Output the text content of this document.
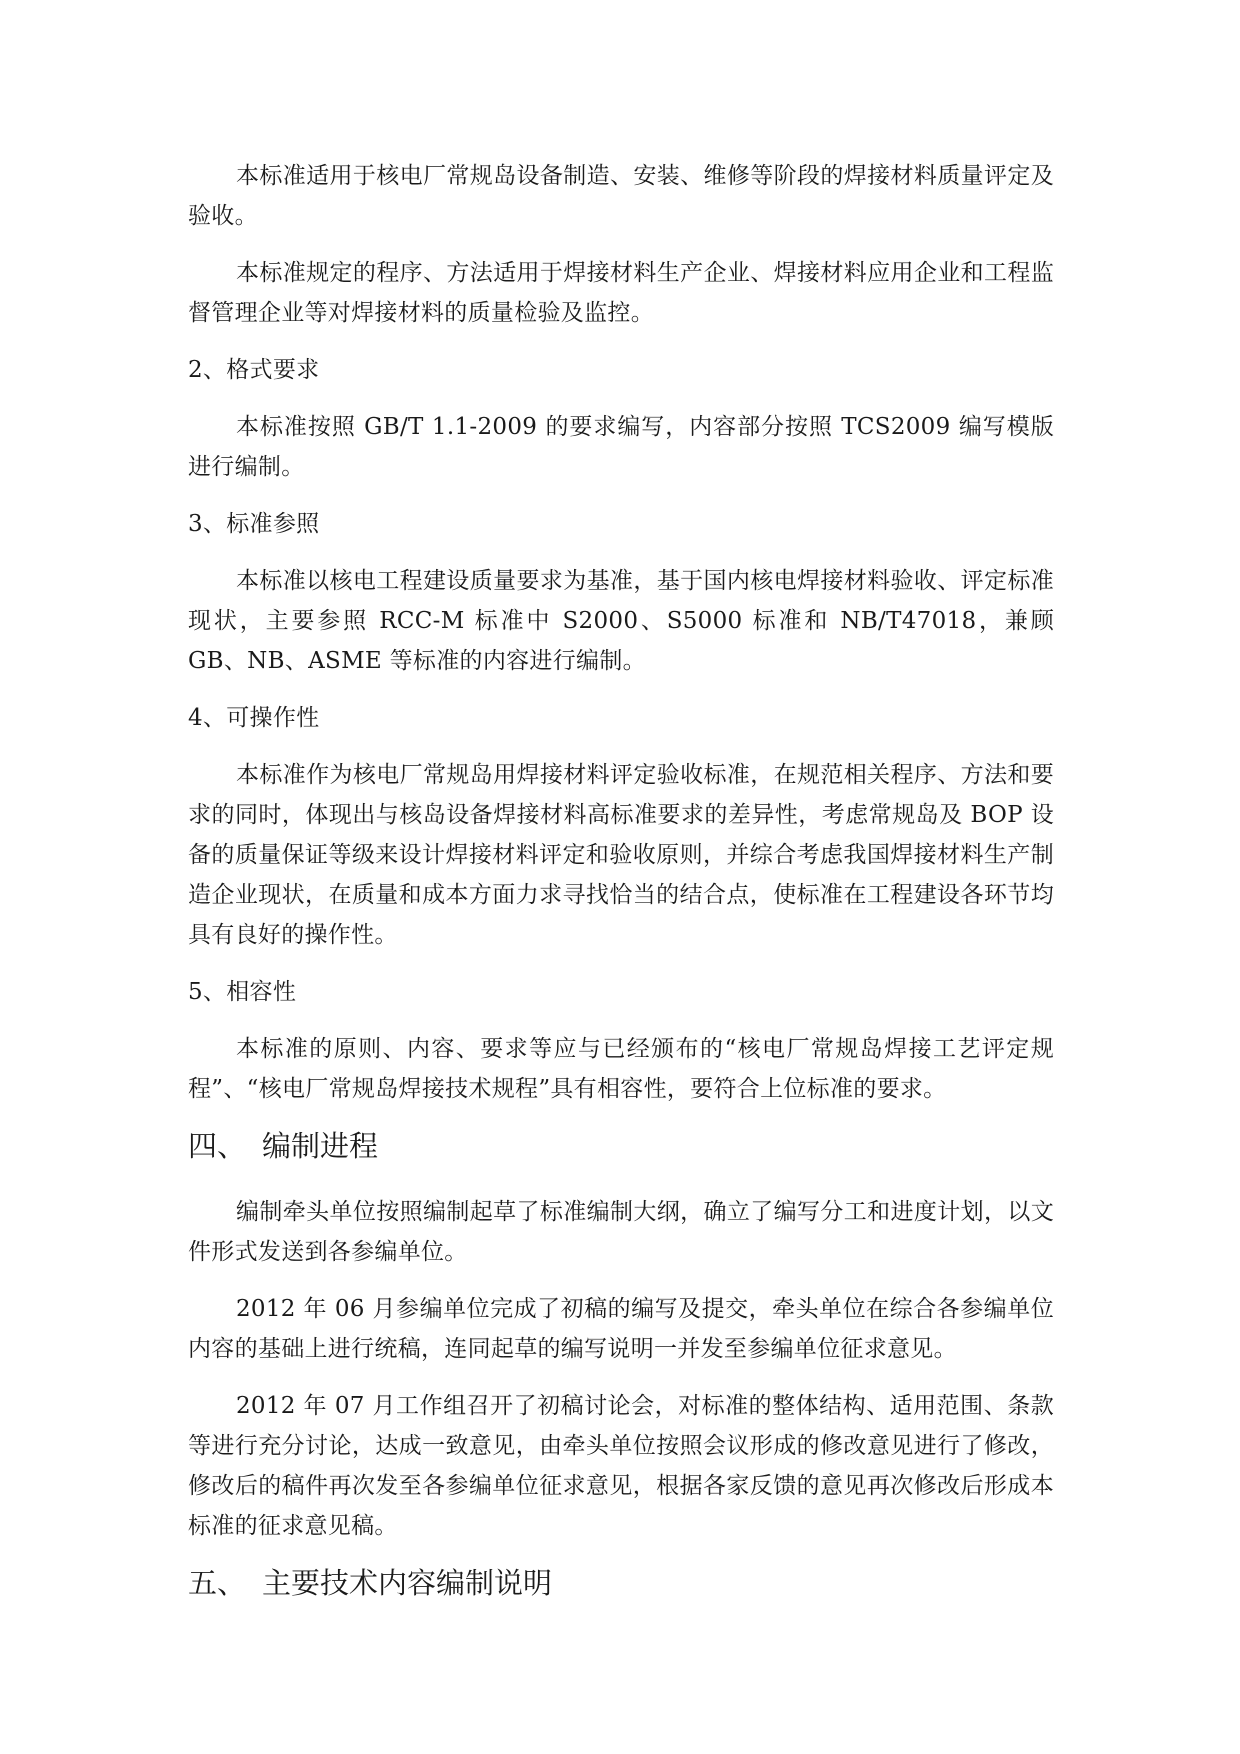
本标准适用于核电厂常规岛设备制造、安装、维修等阶段的焊接材料质量评定及验收。

本标准规定的程序、方法适用于焊接材料生产企业、焊接材料应用企业和工程监督管理企业等对焊接材料的质量检验及监控。

2、格式要求

本标准按照 GB/T 1.1-2009 的要求编写，内容部分按照 TCS2009 编写模版进行编制。

3、标准参照

本标准以核电工程建设质量要求为基准，基于国内核电焊接材料验收、评定标准现状，主要参照 RCC-M 标准中 S2000、S5000 标准和 NB/T47018，兼顾 GB、NB、ASME 等标准的内容进行编制。

4、可操作性

本标准作为核电厂常规岛用焊接材料评定验收标准，在规范相关程序、方法和要求的同时，体现出与核岛设备焊接材料高标准要求的差异性，考虑常规岛及 BOP 设备的质量保证等级来设计焊接材料评定和验收原则，并综合考虑我国焊接材料生产制造企业现状，在质量和成本方面力求寻找恰当的结合点，使标准在工程建设各环节均具有良好的操作性。

5、相容性

本标准的原则、内容、要求等应与已经颁布的“核电厂常规岛焊接工艺评定规程”、“核电厂常规岛焊接技术规程”具有相容性，要符合上位标准的要求。

四、 编制进程

编制牵头单位按照编制起草了标准编制大纲，确立了编写分工和进度计划，以文件形式发送到各参编单位。

2012 年 06 月参编单位完成了初稿的编写及提交，牵头单位在综合各参编单位内容的基础上进行统稿，连同起草的编写说明一并发至参编单位征求意见。

2012 年 07 月工作组召开了初稿讨论会，对标准的整体结构、适用范围、条款等进行充分讨论，达成一致意见，由牵头单位按照会议形成的修改意见进行了修改，修改后的稿件再次发至各参编单位征求意见，根据各家反馈的意见再次修改后形成本标准的征求意见稿。

五、 主要技术内容编制说明
